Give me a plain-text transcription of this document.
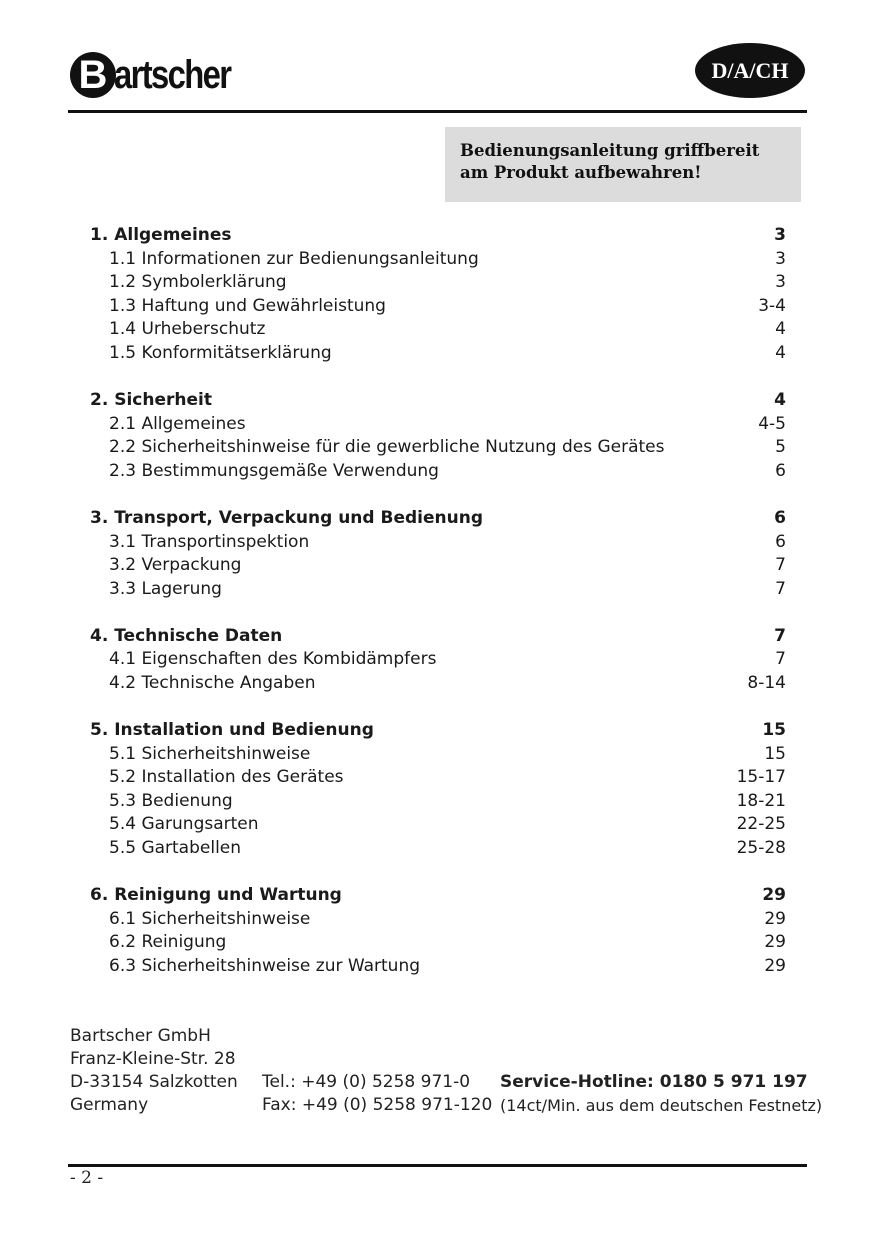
B artscher	D/A/CH
Bedienungsanleitung griffbereit
am Produkt aufbewahren!
1. Allgemeines	3
1.1 Informationen zur Bedienungsanleitung	3
1.2 Symbolerklärung	3
1.3 Haftung und Gewährleistung	3-4
1.4 Urheberschutz	4
1.5 Konformitätserklärung	4
2. Sicherheit	4
2.1 Allgemeines	4-5
2.2 Sicherheitshinweise für die gewerbliche Nutzung des Gerätes	5
2.3 Bestimmungsgemäße Verwendung	6
3. Transport, Verpackung und Bedienung	6
3.1 Transportinspektion	6
3.2 Verpackung	7
3.3 Lagerung	7
4. Technische Daten	7
4.1 Eigenschaften des Kombidämpfers	7
4.2 Technische Angaben	8-14
5. Installation und Bedienung	15
5.1 Sicherheitshinweise	15
5.2 Installation des Gerätes	15-17
5.3 Bedienung	18-21
5.4 Garungsarten	22-25
5.5 Gartabellen	25-28
6. Reinigung und Wartung	29
6.1 Sicherheitshinweise	29
6.2 Reinigung	29
6.3 Sicherheitshinweise zur Wartung	29
Bartscher GmbH
Franz-Kleine-Str. 28
D-33154 Salzkotten Tel.: +49 (0) 5258 971-0 Service-Hotline: 0180 5 971 197
Germany	Fax: +49 (0) 5258 971-120 (14ct/Min. aus dem deutschen Festnetz)
- 2 -
